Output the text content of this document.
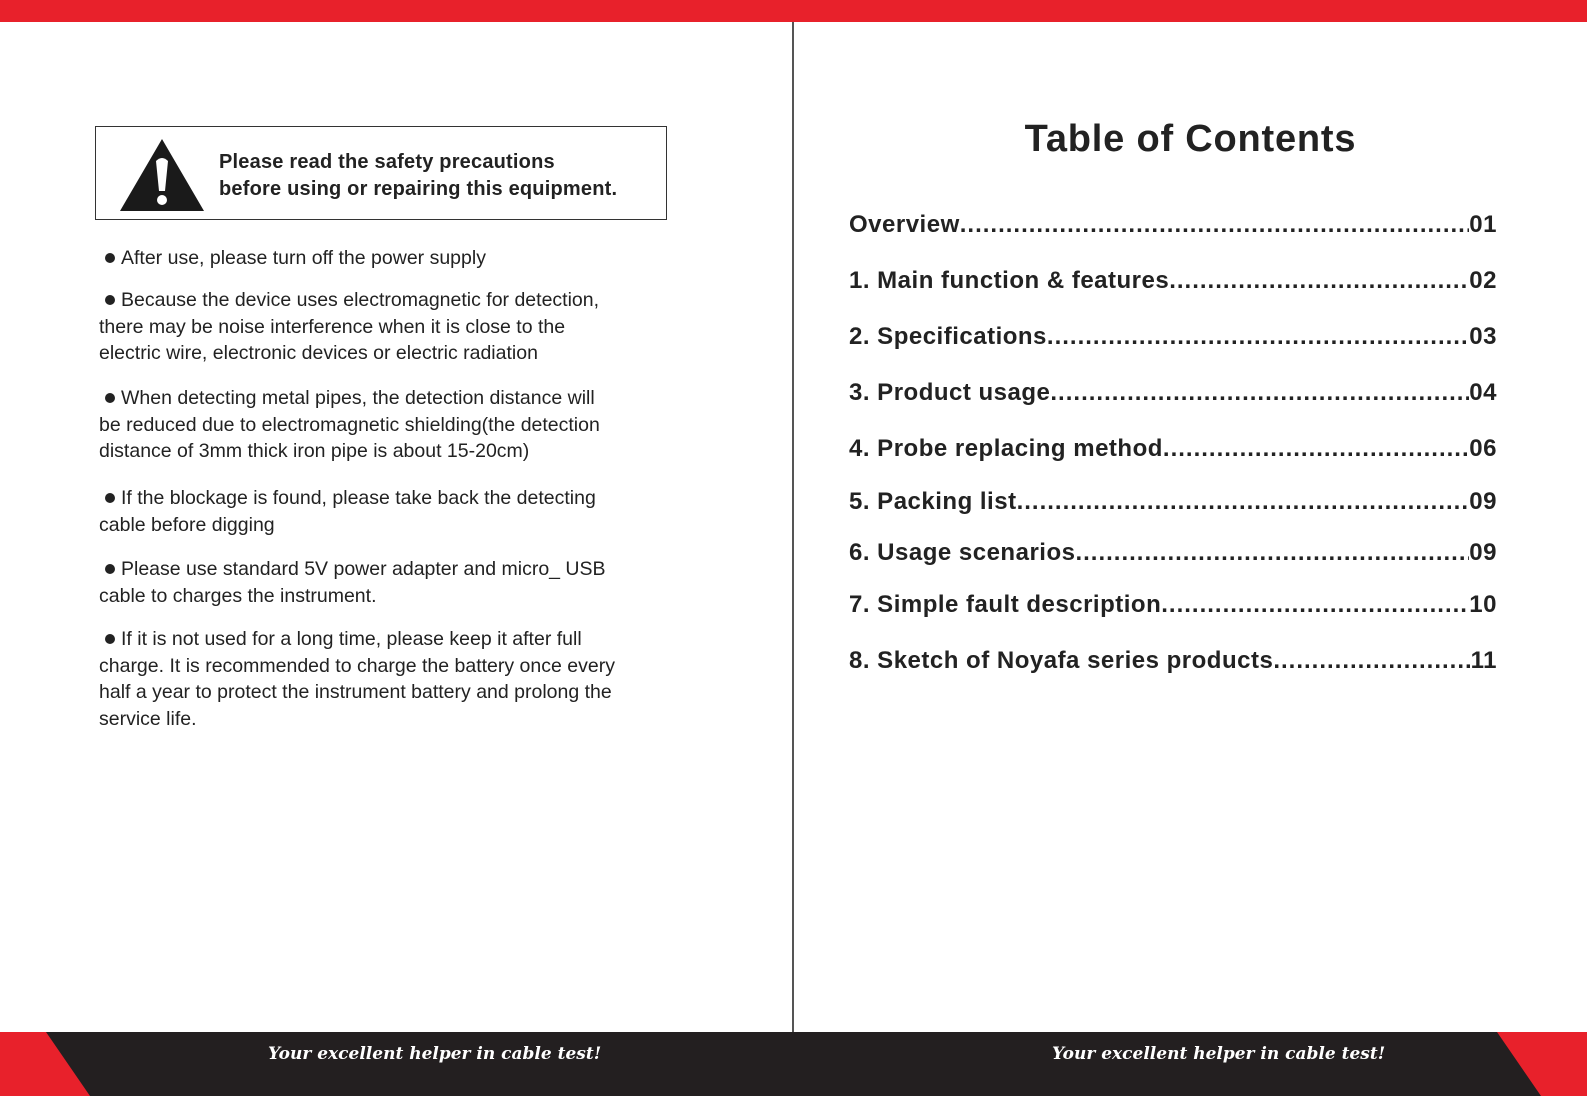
Please read the safety precautions
before using or repairing this equipment.
After use, please turn off the power supply
Because the device uses electromagnetic for detection,
there may be noise interference when it is close to the
electric wire, electronic devices or electric radiation
When detecting metal pipes, the detection distance will
be reduced due to electromagnetic shielding(the detection
distance of 3mm thick iron pipe is about 15-20cm)
If the blockage is found, please take back the detecting
cable before digging
Please use standard 5V power adapter and micro_ USB
cable to charges the instrument.
If it is not used for a long time, please keep it after full
charge. It is recommended to charge the battery once every
half a year to protect the instrument battery and prolong the
service life.
Table of Contents
Overview .....	01
1. Main function & features .....	02
2. Specifications .....	03
3. Product usage .....	04
4. Probe replacing method .....	06
5. Packing list .....	09
6. Usage scenarios .....	09
7. Simple fault description .....	10
8. Sketch of Noyafa series products .....	11
Your excellent helper in cable test!	Your excellent helper in cable test!
